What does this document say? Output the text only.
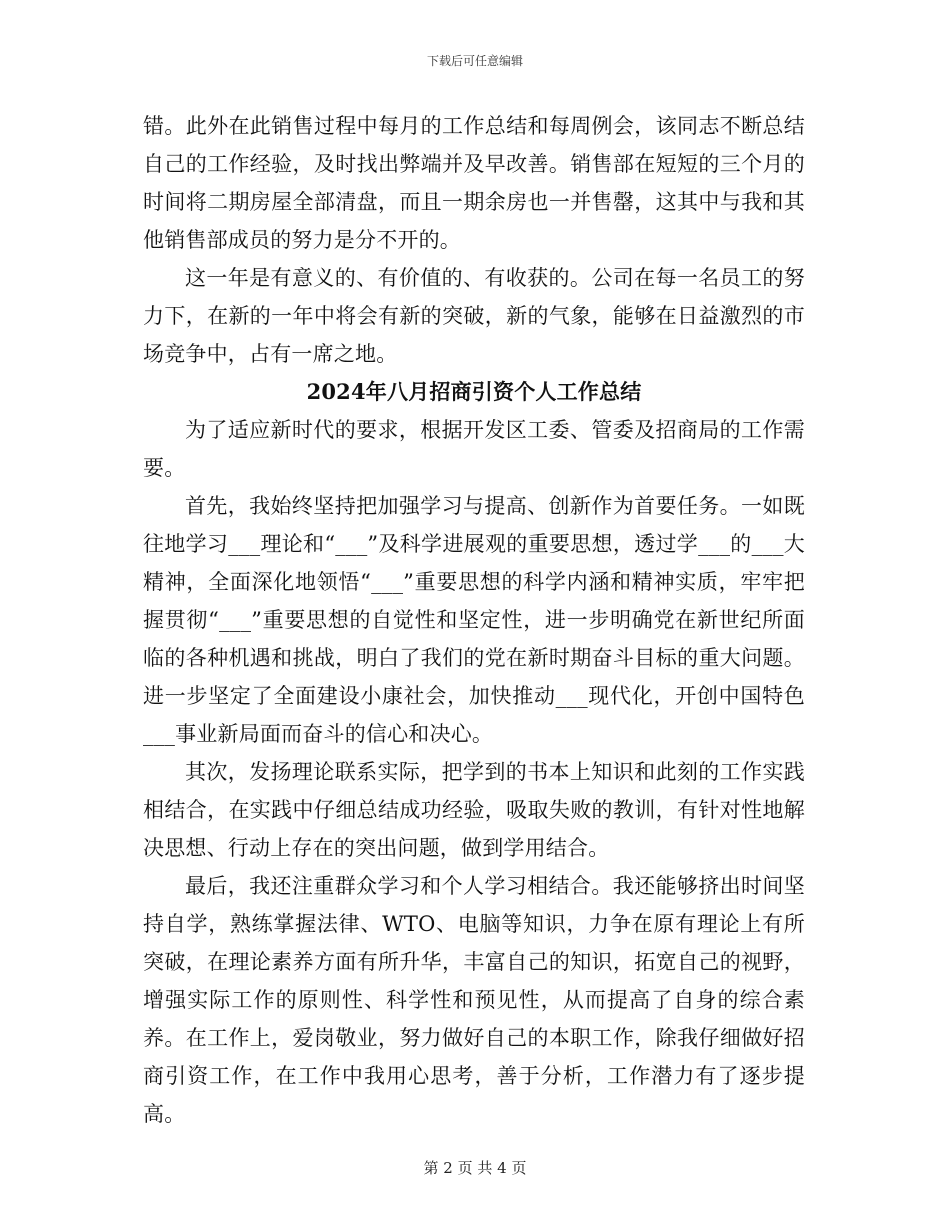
下载后可任意编辑

错。此外在此销售过程中每月的工作总结和每周例会，该同志不断总结自己的工作经验，及时找出弊端并及早改善。销售部在短短的三个月的时间将二期房屋全部清盘，而且一期余房也一并售罄，这其中与我和其他销售部成员的努力是分不开的。

这一年是有意义的、有价值的、有收获的。公司在每一名员工的努力下，在新的一年中将会有新的突破，新的气象，能够在日益激烈的市场竞争中，占有一席之地。

2024年八月招商引资个人工作总结

为了适应新时代的要求，根据开发区工委、管委及招商局的工作需要。

首先，我始终坚持把加强学习与提高、创新作为首要任务。一如既往地学习___理论和“___”及科学进展观的重要思想，透过学___的___大精神，全面深化地领悟“___”重要思想的科学内涵和精神实质，牢牢把握贯彻“___”重要思想的自觉性和坚定性，进一步明确党在新世纪所面临的各种机遇和挑战，明白了我们的党在新时期奋斗目标的重大问题。进一步坚定了全面建设小康社会，加快推动___现代化，开创中国特色___事业新局面而奋斗的信心和决心。

其次，发扬理论联系实际，把学到的书本上知识和此刻的工作实践相结合，在实践中仔细总结成功经验，吸取失败的教训，有针对性地解决思想、行动上存在的突出问题，做到学用结合。

最后，我还注重群众学习和个人学习相结合。我还能够挤出时间坚持自学，熟练掌握法律、WTO、电脑等知识，力争在原有理论上有所突破，在理论素养方面有所升华，丰富自己的知识，拓宽自己的视野，增强实际工作的原则性、科学性和预见性，从而提高了自身的综合素养。在工作上，爱岗敬业，努力做好自己的本职工作，除我仔细做好招商引资工作，在工作中我用心思考，善于分析，工作潜力有了逐步提高。

第 2 页 共 4 页
